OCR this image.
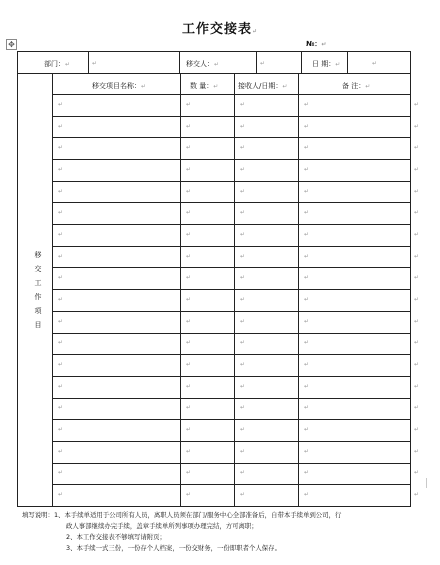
工作交接表↵
✥	№：↵
部门：↵	↵	移交人：↵	↵	日 期：↵	↵
移交项目名称：↵	数 量：↵	接收人/日期：↵	备 注：↵
移
交
工
作
项
目
↵	↵	↵	↵	↵
↵	↵	↵	↵	↵
↵	↵	↵	↵	↵
↵	↵	↵	↵	↵
↵	↵	↵	↵	↵
↵	↵	↵	↵	↵
↵	↵	↵	↵	↵
↵	↵	↵	↵	↵
↵	↵	↵	↵	↵
↵	↵	↵	↵	↵
↵	↵	↵	↵	↵
↵	↵	↵	↵	↵
↵	↵	↵	↵	↵
↵	↵	↵	↵	↵
↵	↵	↵	↵	↵
↵	↵	↵	↵	↵
↵	↵	↵	↵	↵
↵	↵	↵	↵	↵
↵	↵	↵	↵	↵
填写说明：1、本手续单适用于公司所有人员，离职人员须在部门/服务中心全部准备后，自带本手续单到公司，行
政人事部继续办完手续，盖章手续单所列事项办理完结，方可离职；
2、本工作交接表不够填写请附页；
3、本手续一式三份，一份存个人档案，一份交财务，一份即职者个人保存。
